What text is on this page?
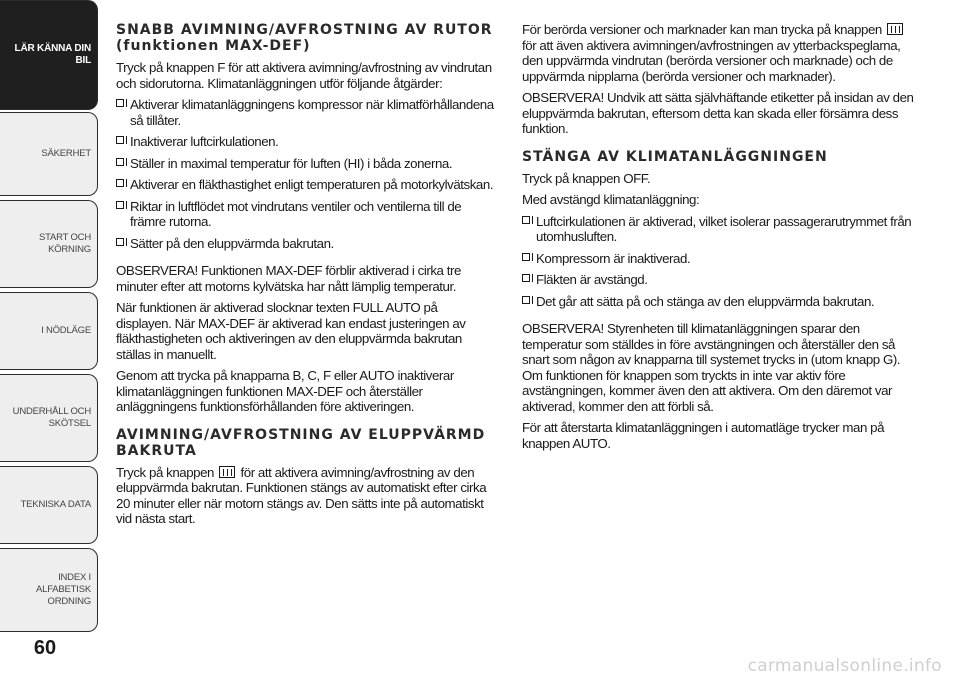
LÄR KÄNNA DIN BIL
SÄKERHET
START OCH KÖRNING
I NÖDLÄGE
UNDERHÅLL OCH SKÖTSEL
TEKNISKA DATA
INDEX I ALFABETISK ORDNING
60
SNABB AVIMNING/AVFROSTNING AV RUTOR (funktionen MAX-DEF)
Tryck på knappen F för att aktivera avimning/avfrostning av vindrutan och sidorutorna. Klimatanläggningen utför följande åtgärder:
Aktiverar klimatanläggningens kompressor när klimatförhållandena så tillåter.
Inaktiverar luftcirkulationen.
Ställer in maximal temperatur för luften (HI) i båda zonerna.
Aktiverar en fläkthastighet enligt temperaturen på motorkylvätskan.
Riktar in luftflödet mot vindrutans ventiler och ventilerna till de främre rutorna.
Sätter på den eluppvärmda bakrutan.
OBSERVERA! Funktionen MAX-DEF förblir aktiverad i cirka tre minuter efter att motorns kylvätska har nått lämplig temperatur.
När funktionen är aktiverad slocknar texten FULL AUTO på displayen. När MAX-DEF är aktiverad kan endast justeringen av fläkthastigheten och aktiveringen av den eluppvärmda bakrutan ställas in manuellt.
Genom att trycka på knapparna B, C, F eller AUTO inaktiverar klimatanläggningen funktionen MAX-DEF och återställer anläggningens funktionsförhållanden före aktiveringen.
AVIMNING/AVFROSTNING AV ELUPPVÄRMD BAKRUTA
Tryck på knappen för att aktivera avimning/avfrostning av den eluppvärmda bakrutan. Funktionen stängs av automatiskt efter cirka 20 minuter eller när motorn stängs av. Den sätts inte på automatiskt vid nästa start.
För berörda versioner och marknader kan man trycka på knappen
för att även aktivera avimningen/avfrostningen av ytterbackspeglarna, den uppvärmda vindrutan (berörda versioner och marknade) och de uppvärmda nipplarna (berörda versioner och marknader).
OBSERVERA! Undvik att sätta självhäftande etiketter på insidan av den eluppvärmda bakrutan, eftersom detta kan skada eller försämra dess funktion.
STÄNGA AV KLIMATANLÄGGNINGEN
Tryck på knappen OFF.
Med avstängd klimatanläggning:
Luftcirkulationen är aktiverad, vilket isolerar passagerarutrymmet från utomhusluften.
Kompressorn är inaktiverad.
Fläkten är avstängd.
Det går att sätta på och stänga av den eluppvärmda bakrutan.
OBSERVERA! Styrenheten till klimatanläggningen sparar den temperatur som ställdes in före avstängningen och återställer den så snart som någon av knapparna till systemet trycks in (utom knapp G). Om funktionen för knappen som tryckts in inte var aktiv före avstängningen, kommer även den att aktivera. Om den däremot var aktiverad, kommer den att förbli så.
För att återstarta klimatanläggningen i automatläge trycker man på knappen AUTO.
carmanualsonline.info
